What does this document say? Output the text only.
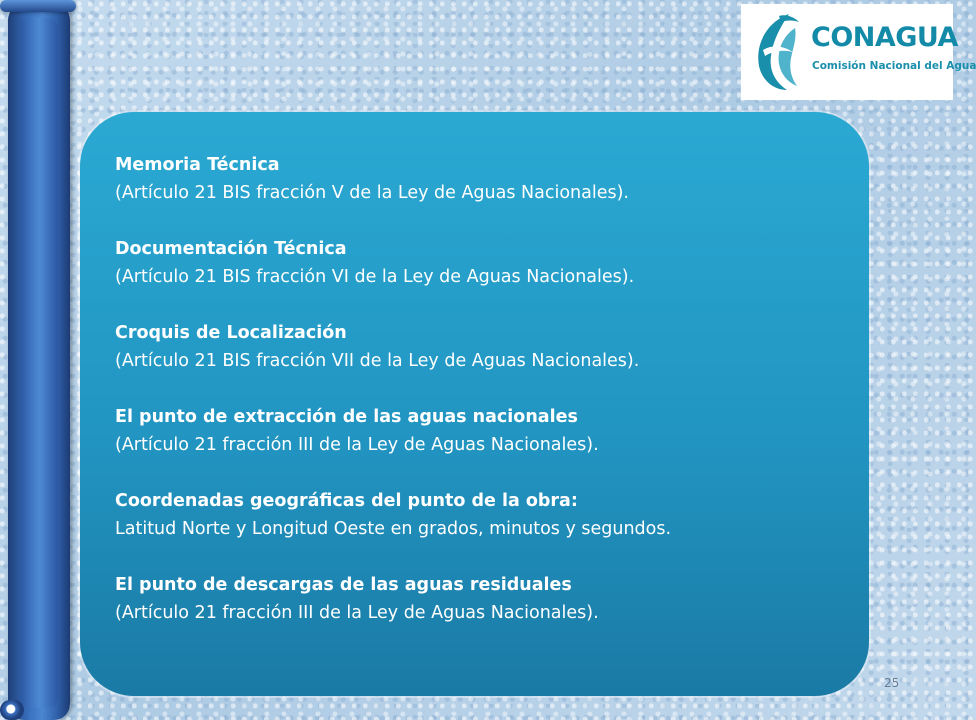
CONAGUA
Comisión Nacional del Agua
Memoria Técnica
(Artículo 21 BIS fracción V de la Ley de Aguas Nacionales).
Documentación Técnica
(Artículo 21 BIS fracción VI de la Ley de Aguas Nacionales).
Croquis de Localización
(Artículo 21 BIS fracción VII de la Ley de Aguas Nacionales).
El punto de extracción de las aguas nacionales
(Artículo 21 fracción III de la Ley de Aguas Nacionales).
Coordenadas geográficas del punto de la obra:
Latitud Norte y Longitud Oeste en grados, minutos y segundos.
El punto de descargas de las aguas residuales
(Artículo 21 fracción III de la Ley de Aguas Nacionales).
25
